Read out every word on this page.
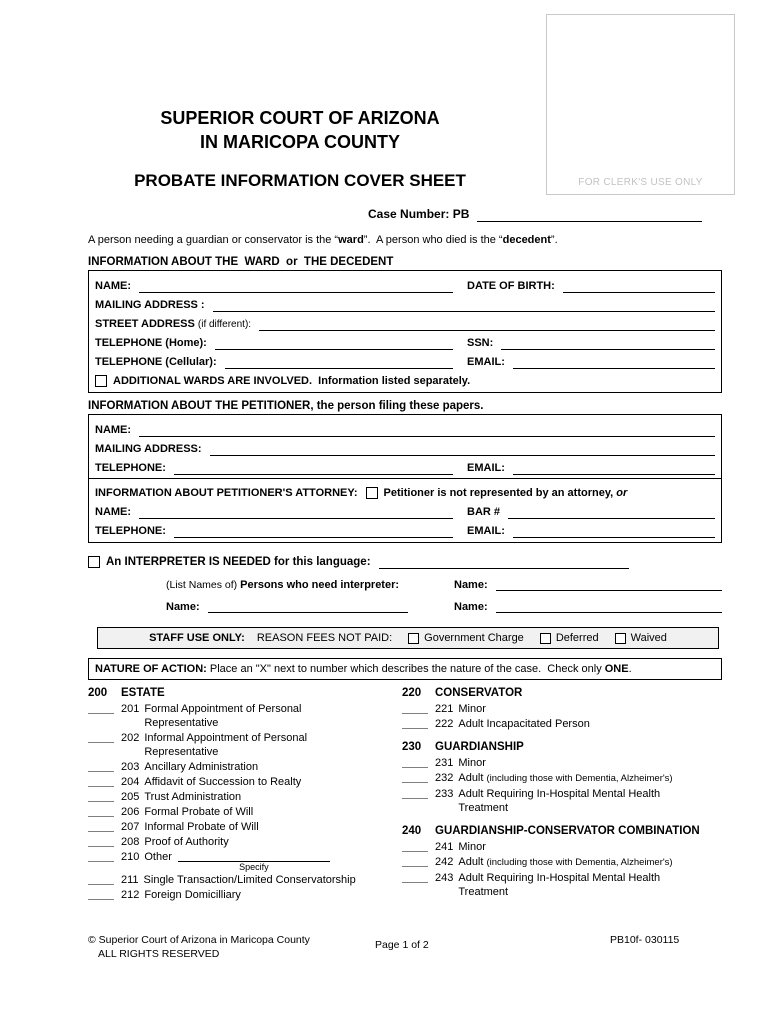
FOR CLERK'S USE ONLY
SUPERIOR COURT OF ARIZONA
IN MARICOPA COUNTY
PROBATE INFORMATION COVER SHEET
Case Number: PB
A person needing a guardian or conservator is the “ward”.  A person who died is the “decedent”.
INFORMATION ABOUT THE  WARD  or  THE DECEDENT
NAME:	DATE OF BIRTH:
MAILING ADDRESS :
STREET ADDRESS (if different):
TELEPHONE (Home):	SSN:
TELEPHONE (Cellular):	EMAIL:
ADDITIONAL WARDS ARE INVOLVED.  Information listed separately.
INFORMATION ABOUT THE PETITIONER, the person filing these papers.
NAME:
MAILING ADDRESS:
TELEPHONE:	EMAIL:
INFORMATION ABOUT PETITIONER'S ATTORNEY: Petitioner is not represented by an attorney, or
NAME:	BAR #
TELEPHONE:	EMAIL:
An INTERPRETER IS NEEDED for this language:
(List Names of) Persons who need interpreter:	Name:
Name:	Name:
STAFF USE ONLY: REASON FEES NOT PAID:	Government Charge	Deferred	Waived
NATURE OF ACTION: Place an "X" next to number which describes the nature of the case.  Check only ONE.
200	ESTATE
201 Formal Appointment of Personal Representative
202 Informal Appointment of Personal Representative
203 Ancillary Administration
204 Affidavit of Succession to Realty
205 Trust Administration
206 Formal Probate of Will
207 Informal Probate of Will
208 Proof of Authority
210 Other
Specify
211 Single Transaction/Limited Conservatorship
212 Foreign Domicilliary
220	CONSERVATOR
221 Minor
222 Adult Incapacitated Person
230	GUARDIANSHIP
231 Minor
232 Adult (including those with Dementia, Alzheimer's)
233 Adult Requiring In-Hospital Mental Health Treatment
240	GUARDIANSHIP-CONSERVATOR COMBINATION
241 Minor
242 Adult (including those with Dementia, Alzheimer's)
243 Adult Requiring In-Hospital Mental Health Treatment
© Superior Court of Arizona in Maricopa County
ALL RIGHTS RESERVED
Page 1 of 2	PB10f- 030115
